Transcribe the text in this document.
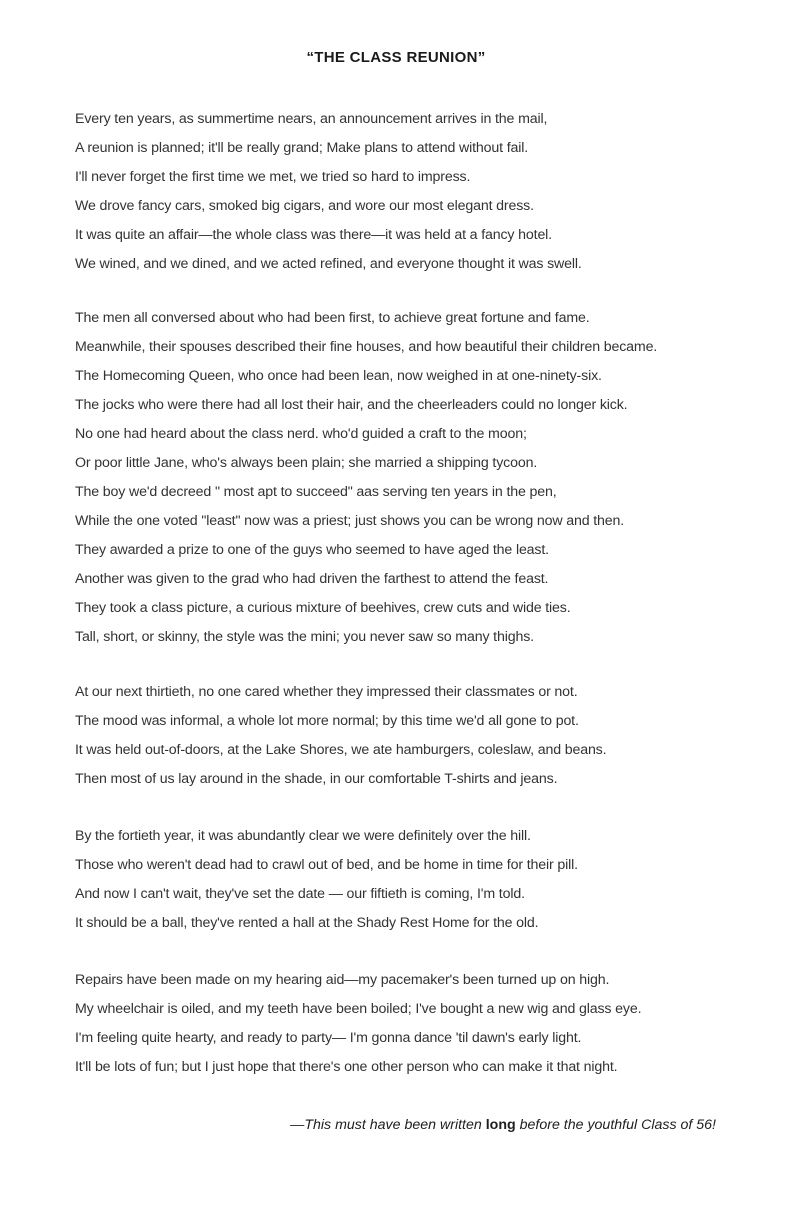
“THE CLASS REUNION”
Every ten years, as summertime nears, an announcement arrives in the mail,
A reunion is planned; it'll be really grand; Make plans to attend without fail.
I'll never forget the first time we met, we tried so hard to impress.
We drove fancy cars, smoked big cigars, and wore our most elegant dress.
It was quite an affair—the whole class was there—it was held at a fancy hotel.
We wined, and we dined, and we acted refined, and everyone thought it was swell.
The men all conversed about who had been first, to achieve great fortune and fame.
Meanwhile, their spouses described their fine houses, and how beautiful their children became.
The Homecoming Queen, who once had been lean, now weighed in at one-ninety-six.
The jocks who were there had all lost their hair, and the cheerleaders could no longer kick.
No one had heard about the class nerd. who'd guided a craft to the moon;
Or poor little Jane, who's always been plain; she married a shipping tycoon.
The boy we'd decreed " most apt to succeed" aas serving ten years in the pen,
While the one voted "least" now was a priest; just shows you can be wrong now and then.
They awarded a prize to one of the guys who seemed to have aged the least.
Another was given to the grad who had driven the farthest to attend the feast.
They took a class picture, a curious mixture of beehives, crew cuts and wide ties.
Tall, short, or skinny, the style was the mini; you never saw so many thighs.
At our next thirtieth, no one cared whether they impressed their classmates or not.
The mood was informal, a whole lot more normal; by this time we'd all gone to pot.
It was held out-of-doors, at the Lake Shores, we ate hamburgers, coleslaw, and beans.
Then most of us lay around in the shade, in our comfortable T-shirts and jeans.
By the fortieth year, it was abundantly clear we were definitely over the hill.
Those who weren't dead had to crawl out of bed, and be home in time for their pill.
And now I can't wait, they've set the date — our fiftieth is coming, I'm told.
It should be a ball, they've rented a hall at the Shady Rest Home for the old.
Repairs have been made on my hearing aid—my pacemaker's been turned up on high.
My wheelchair is oiled, and my teeth have been boiled; I've bought a new wig and glass eye.
I'm feeling quite hearty, and ready to party— I'm gonna dance 'til dawn's early light.
It'll be lots of fun; but I just hope that there's one other person who can make it that night.
—This must have been written long before the youthful Class of 56!
